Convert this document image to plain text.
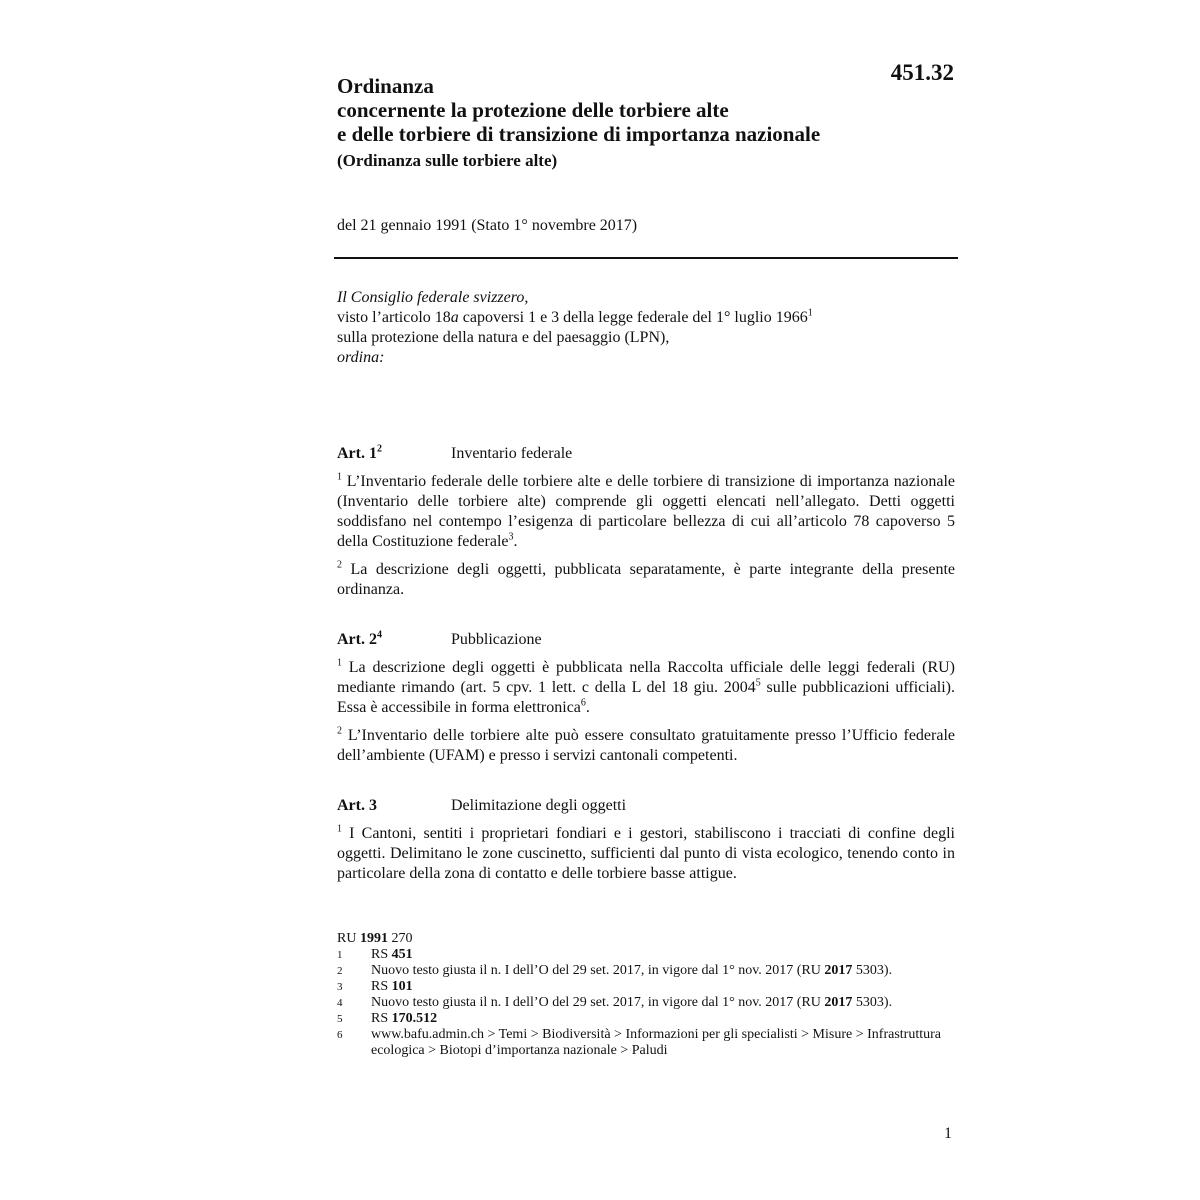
451.32
Ordinanza
concernente la protezione delle torbiere alte
e delle torbiere di transizione di importanza nazionale
(Ordinanza sulle torbiere alte)
del 21 gennaio 1991 (Stato 1° novembre 2017)
Il Consiglio federale svizzero,
visto l’articolo 18a capoversi 1 e 3 della legge federale del 1° luglio 1966$^1$
sulla protezione della natura e del paesaggio (LPN),
ordina:
Art. $1^2$	Inventario federale
$^1$ L’Inventario federale delle torbiere alte e delle torbiere di transizione di importanza nazionale (Inventario delle torbiere alte) comprende gli oggetti elencati nell’allegato. Detti oggetti soddisfano nel contempo l’esigenza di particolare bellezza di cui all’articolo 78 capoverso 5 della Costituzione federale$^3$.
$^2$ La descrizione degli oggetti, pubblicata separatamente, è parte integrante della presente ordinanza.
Art. $2^4$	Pubblicazione
$^1$ La descrizione degli oggetti è pubblicata nella Raccolta ufficiale delle leggi federali (RU) mediante rimando (art. 5 cpv. 1 lett. c della L del 18 giu. 2004$^5$ sulle pubblicazioni ufficiali). Essa è accessibile in forma elettronica$^6$.
$^2$ L’Inventario delle torbiere alte può essere consultato gratuitamente presso l’Ufficio federale dell’ambiente (UFAM) e presso i servizi cantonali competenti.
Art. 3	Delimitazione degli oggetti
$^1$ I Cantoni, sentiti i proprietari fondiari e i gestori, stabiliscono i tracciati di confine degli oggetti. Delimitano le zone cuscinetto, sufficienti dal punto di vista ecologico, tenendo conto in particolare della zona di contatto e delle torbiere basse attigue.
RU 1991 270
1 RS 451
2 Nuovo testo giusta il n. I dell’O del 29 set. 2017, in vigore dal 1° nov. 2017 (RU 2017 5303).
3 RS 101
4 Nuovo testo giusta il n. I dell’O del 29 set. 2017, in vigore dal 1° nov. 2017 (RU 2017 5303).
5 RS 170.512
6 www.bafu.admin.ch > Temi > Biodiversità > Informazioni per gli specialisti > Misure > Infrastruttura ecologica > Biotopi d’importanza nazionale > Paludi
1
